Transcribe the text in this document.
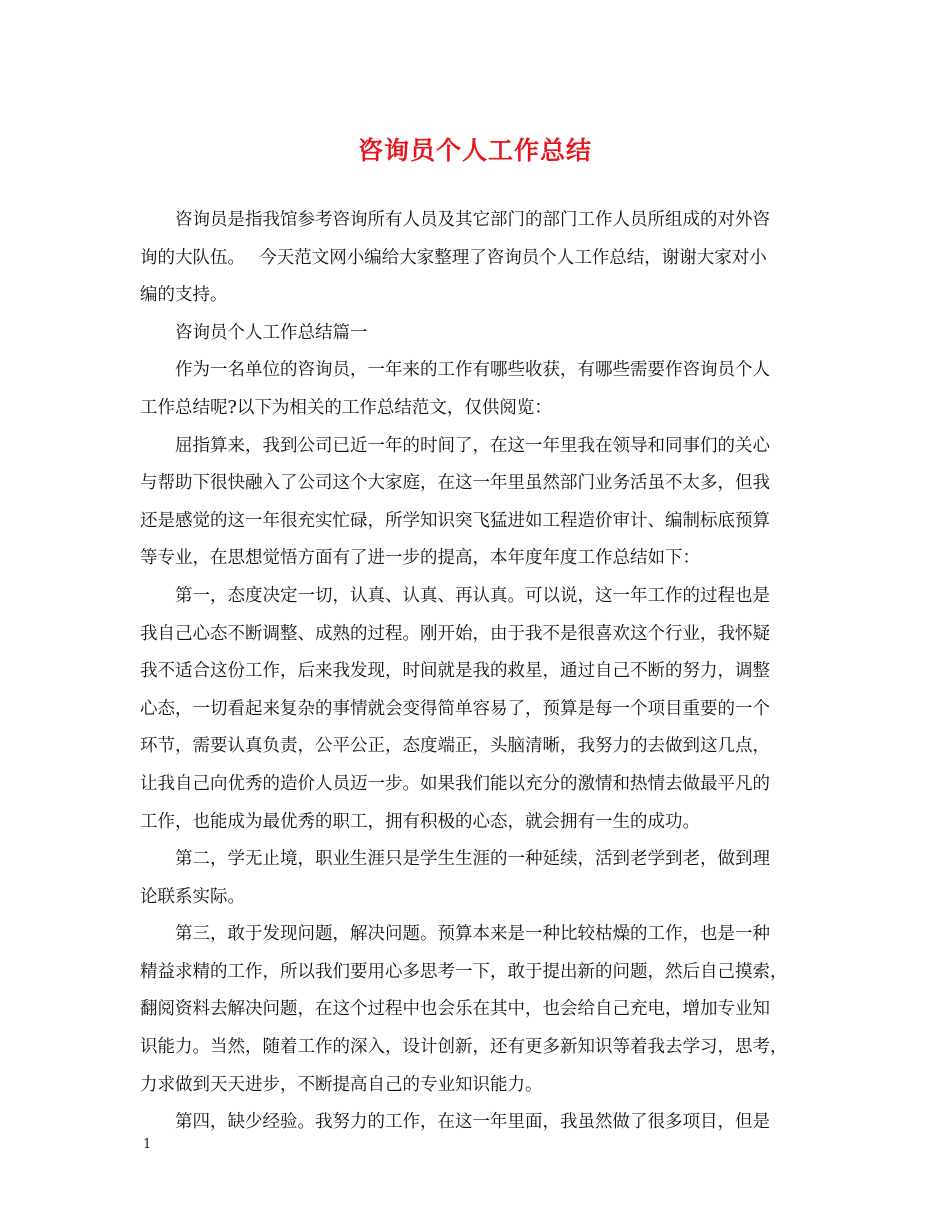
咨询员个人工作总结

咨询员是指我馆参考咨询所有人员及其它部门的部门工作人员所组成的对外咨
询的大队伍。　 今天范文网小编给大家整理了咨询员个人工作总结，谢谢大家对小
编的支持。

咨询员个人工作总结篇一

作为一名单位的咨询员，一年来的工作有哪些收获，有哪些需要作咨询员个人
工作总结呢?以下为相关的工作总结范文，仅供阅览：

屈指算来，我到公司已近一年的时间了，在这一年里我在领导和同事们的关心
与帮助下很快融入了公司这个大家庭，在这一年里虽然部门业务活虽不太多，但我
还是感觉的这一年很充实忙碌，所学知识突飞猛进如工程造价审计、编制标底预算
等专业，在思想觉悟方面有了进一步的提高，本年度年度工作总结如下：

第一，态度决定一切，认真、认真、再认真。可以说，这一年工作的过程也是
我自己心态不断调整、成熟的过程。刚开始，由于我不是很喜欢这个行业，我怀疑
我不适合这份工作，后来我发现，时间就是我的救星，通过自己不断的努力，调整
心态，一切看起来复杂的事情就会变得简单容易了，预算是每一个项目重要的一个
环节，需要认真负责，公平公正，态度端正，头脑清晰，我努力的去做到这几点，
让我自己向优秀的造价人员迈一步。如果我们能以充分的激情和热情去做最平凡的
工作，也能成为最优秀的职工，拥有积极的心态，就会拥有一生的成功。

第二，学无止境，职业生涯只是学生生涯的一种延续，活到老学到老，做到理
论联系实际。

第三，敢于发现问题，解决问题。预算本来是一种比较枯燥的工作，也是一种
精益求精的工作，所以我们要用心多思考一下，敢于提出新的问题，然后自己摸索，
翻阅资料去解决问题，在这个过程中也会乐在其中，也会给自己充电，增加专业知
识能力。当然，随着工作的深入，设计创新，还有更多新知识等着我去学习，思考，
力求做到天天进步，不断提高自己的专业知识能力。

第四，缺少经验。我努力的工作，在这一年里面，我虽然做了很多项目，但是

1
